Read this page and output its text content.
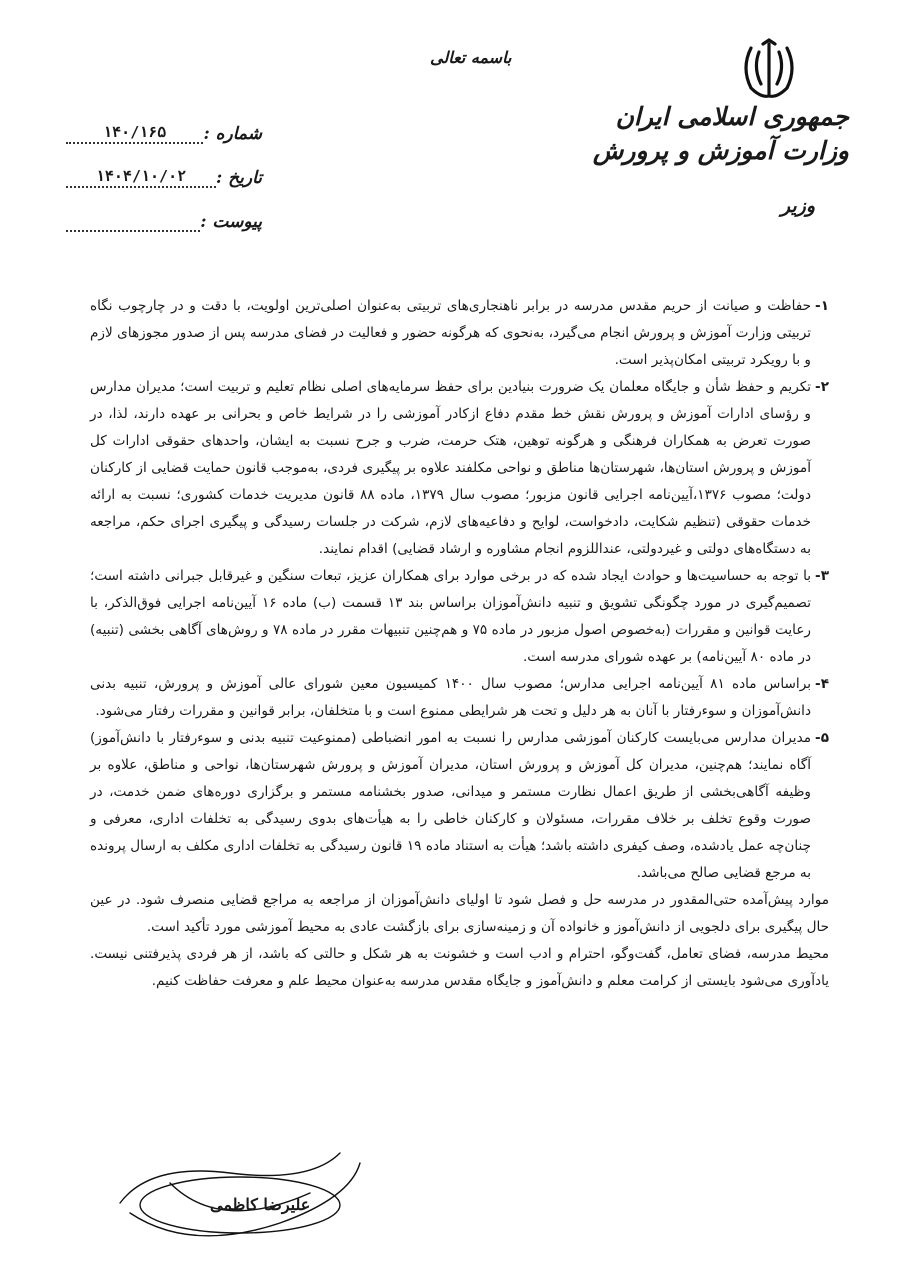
باسمه تعالی
جمهوری اسلامی ایران
وزارت آموزش و پرورش
وزیر
شماره :
۱۴۰/۱۶۵
تاریخ :
۱۴۰۴/۱۰/۰۲
پیوست :
۱-

حفاظت و صیانت از حریم مقدس مدرسه در برابر ناهنجاری‌های تربیتی به‌عنوان اصلی‌ترین اولویت، با دقت و در چارچوب نگاه تربیتی وزارت آموزش و پرورش انجام می‌گیرد، به‌نحوی که هرگونه حضور و فعالیت در فضای مدرسه پس از صدور مجوزهای لازم و با رویکرد تربیتی امکان‌پذیر است.

۲-

تکریم و حفظ شأن و جایگاه معلمان یک ضرورت بنیادین برای حفظ سرمایه‌های اصلی نظام تعلیم و تربیت است؛ مدیران مدارس و رؤسای ادارات آموزش و پرورش نقش خط مقدم دفاع ازکادر آموزشی را در شرایط خاص و بحرانی بر عهده دارند، لذا، در صورت تعرض به همکاران فرهنگی و هرگونه توهین، هتک حرمت، ضرب و جرح نسبت به ایشان، واحدهای حقوقی ادارات کل آموزش و پرورش استان‌ها، شهرستان‌ها مناطق و نواحی مکلفند علاوه بر پیگیری فردی، به‌موجب قانون حمایت قضایی از کارکنان دولت؛ مصوب ۱۳۷۶،آیین‌نامه اجرایی قانون مزبور؛ مصوب سال ۱۳۷۹، ماده ۸۸ قانون مدیریت خدمات کشوری؛ نسبت به ارائه خدمات حقوقی (تنظیم شکایت، دادخواست، لوایح و دفاعیه‌های لازم، شرکت در جلسات رسیدگی و پیگیری اجرای حکم، مراجعه به دستگاه‌های دولتی و غیردولتی، عنداللزوم انجام مشاوره و ارشاد قضایی) اقدام نمایند.

۳-

با توجه به حساسیت‌ها و حوادث ایجاد شده که در برخی موارد برای همکاران عزیز، تبعات سنگین و غیرقابل جبرانی داشته است؛ تصمیم‌گیری در مورد چگونگی تشویق و تنبیه دانش‌آموزان براساس بند ۱۳ قسمت (ب) ماده ۱۶ آیین‌نامه اجرایی فوق‌الذکر، با رعایت قوانین و مقررات (به‌خصوص اصول مزبور در ماده ۷۵ و هم‌چنین تنبیهات مقرر در ماده ۷۸ و روش‌های آگاهی بخشی (تنبیه) در ماده ۸۰ آیین‌نامه) بر عهده شورای مدرسه است.

۴-

براساس ماده ۸۱ آیین‌نامه اجرایی مدارس؛ مصوب سال ۱۴۰۰ کمیسیون معین شورای عالی آموزش و پرورش، تنبیه بدنی دانش‌آموزان و سوءرفتار با آنان به هر دلیل و تحت هر شرایطی ممنوع است و با متخلفان، برابر قوانین و مقررات رفتار می‌شود.

۵-

مدیران مدارس می‌بایست کارکنان آموزشی مدارس را نسبت به امور انضباطی (ممنوعیت تنبیه بدنی و سوءرفتار با دانش‌آموز) آگاه نمایند؛ هم‌چنین، مدیران کل آموزش و پرورش استان، مدیران آموزش و پرورش شهرستان‌ها، نواحی و مناطق، علاوه بر وظیفه آگاهی‌بخشی از طریق اعمال نظارت مستمر و میدانی، صدور بخشنامه مستمر و برگزاری دوره‌های ضمن خدمت، در صورت وقوع تخلف بر خلاف مقررات، مسئولان و کارکنان خاطی را به هیأت‌های بدوی رسیدگی به تخلفات اداری، معرفی و چنان‌چه عمل یادشده، وصف کیفری داشته باشد؛ هیأت به استناد ماده ۱۹ قانون رسیدگی به تخلفات اداری مکلف به ارسال پرونده به مرجع قضایی صالح می‌باشد.

موارد پیش‌آمده حتی‌المقدور در مدرسه حل و فصل شود تا اولیای دانش‌آموزان از مراجعه به مراجع قضایی منصرف شود. در عین حال پیگیری برای دلجویی از دانش‌آموز و خانواده آن و زمینه‌سازی برای بازگشت عادی به محیط آموزشی مورد تأکید است.

محیط مدرسه، فضای تعامل، گفت‌وگو، احترام و ادب است و خشونت به هر شکل و حالتی که باشد، از هر فردی پذیرفتنی نیست. یادآوری می‌شود بایستی از کرامت معلم و دانش‌آموز و جایگاه مقدس مدرسه به‌عنوان محیط علم و معرفت حفاظت کنیم.

علیرضا کاظمی
